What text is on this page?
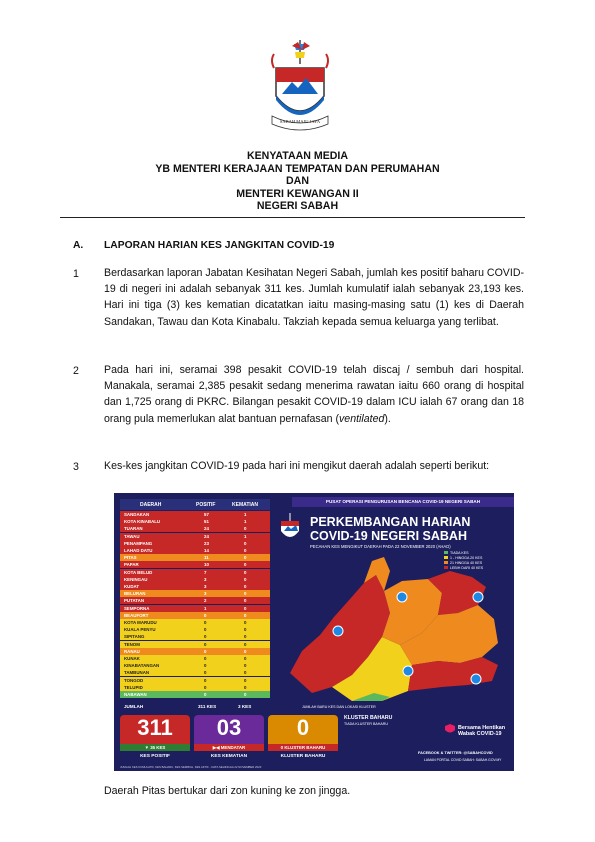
SABAH MAJU JAYA
KENYATAAN MEDIA
YB MENTERI KERAJAAN TEMPATAN DAN PERUMAHAN
DAN
MENTERI KEWANGAN II
NEGERI SABAH
A. LAPORAN HARIAN KES JANGKITAN COVID-19
1 Berdasarkan laporan Jabatan Kesihatan Negeri Sabah, jumlah kes positif baharu COVID-19 di negeri ini adalah sebanyak 311 kes. Jumlah kumulatif ialah sebanyak 23,193 kes. Hari ini tiga (3) kes kematian dicatatkan iaitu masing-masing satu (1) kes di Daerah Sandakan, Tawau dan Kota Kinabalu. Takziah kepada semua keluarga yang terlibat.

2 Pada hari ini, seramai 398 pesakit COVID-19 telah discaj / sembuh dari hospital. Manakala, seramai 2,385 pesakit sedang menerima rawatan iaitu 660 orang di hospital dan 1,725 orang di PKRC. Bilangan pesakit COVID-19 dalam ICU ialah 67 orang dan 18 orang pula memerlukan alat bantuan pernafasan (ventilated).

3 Kes-kes jangkitan COVID-19 pada hari ini mengikut daerah adalah seperti berikut:

DAERAH	POSITIF	KEMATIAN
SANDAKAN	57	1
KOTA KINABALU	51	1
TUARAN	24	0
TAWAU	24	1
PENAMPANG	23	0
LAHAD DATU	14	0
PITAS	11	0
PAPAR	10	0
KOTA BELUD	7	0
KENINGAU	3	0
KUDAT	3	0
BELURAN	3	0
PUTATAN	2	0
SEMPORNA	1	0
BEAUFORT	0	0
KOTA MARUDU	0	0
KUALA PENYU	0	0
SIPITANG	0	0
TENOM	0	0
RANAU	0	0
KUNAK	0	0
KINABATANGAN	0	0
TAMBUNAN	0	0
TONGOD	0	0
TELUPID	0	0
NABAWAN	0	0
JUMLAH	311 KES	3 KES
PUSAT OPERASI PENGURUSAN BENCANA COVID-19 NEGERI SABAH
PERKEMBANGAN HARIAN
COVID-19 NEGERI SABAH
PECAHAN KES MENGIKUT DAERAH PADA 22 NOVEMBER 2020 (AHAD)
TIADA KES
1 - HINGGA 20 KES
21 HINGGA 40 KES
LEBIH DARI 40 KES
JUMLAH BARU KES DAN LOKASI KLUSTER
311
▼ 35 KES
03
▶◀ MENDATAR
0
0 KLUSTER BAHARU
KES POSITIF	KES KEMATIAN	KLUSTER BAHARU
KLUSTER BAHARU
TIADA KLUSTER BAHARU
Bersama Hentikan Wabak COVID-19
FACEBOOK & TWITTER: @SABAHCOVID
LAMAN PORTAL COVID SABAH: SABAH.GOV.MY
JUMLAH KES KUMULATIF, KES BAHARU, KES SEMBUH, KES AKTIF - DATA SEHINGGA 22 NOVEMBER 2020
Daerah Pitas bertukar dari zon kuning ke zon jingga.
